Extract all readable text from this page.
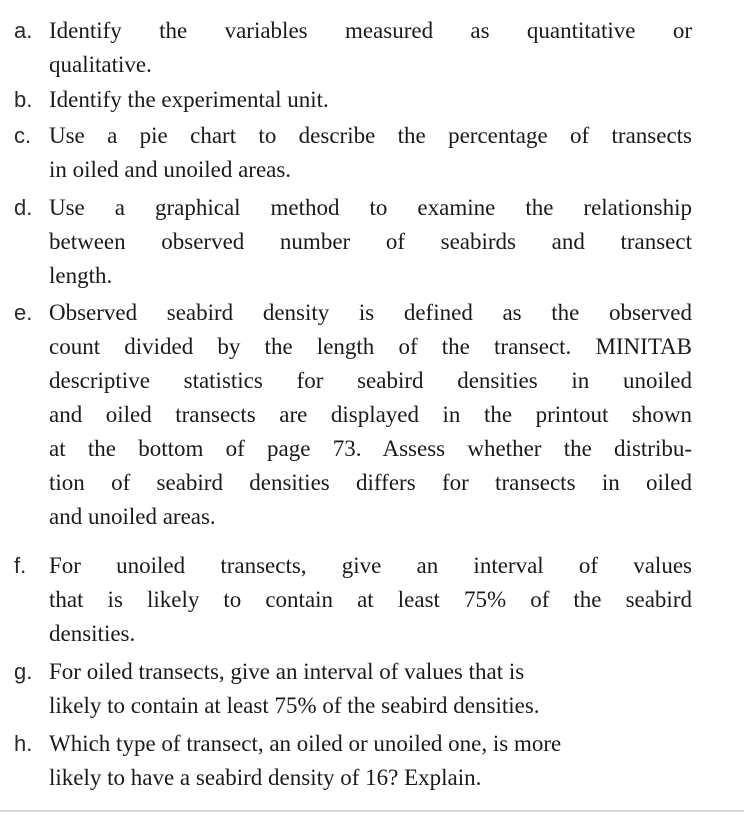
a. Identify the variables measured as quantitative or
qualitative.
b. Identify the experimental unit.
c. Use a pie chart to describe the percentage of transects
in oiled and unoiled areas.
d. Use a graphical method to examine the relationship
between observed number of seabirds and transect
length.
e. Observed seabird density is defined as the observed
count divided by the length of the transect. MINITAB
descriptive statistics for seabird densities in unoiled
and oiled transects are displayed in the printout shown
at the bottom of page 73. Assess whether the distribu-
tion of seabird densities differs for transects in oiled
and unoiled areas.
f. For unoiled transects, give an interval of values
that is likely to contain at least 75% of the seabird
densities.
g. For oiled transects, give an interval of values that is
likely to contain at least 75% of the seabird densities.
h. Which type of transect, an oiled or unoiled one, is more
likely to have a seabird density of 16? Explain.
